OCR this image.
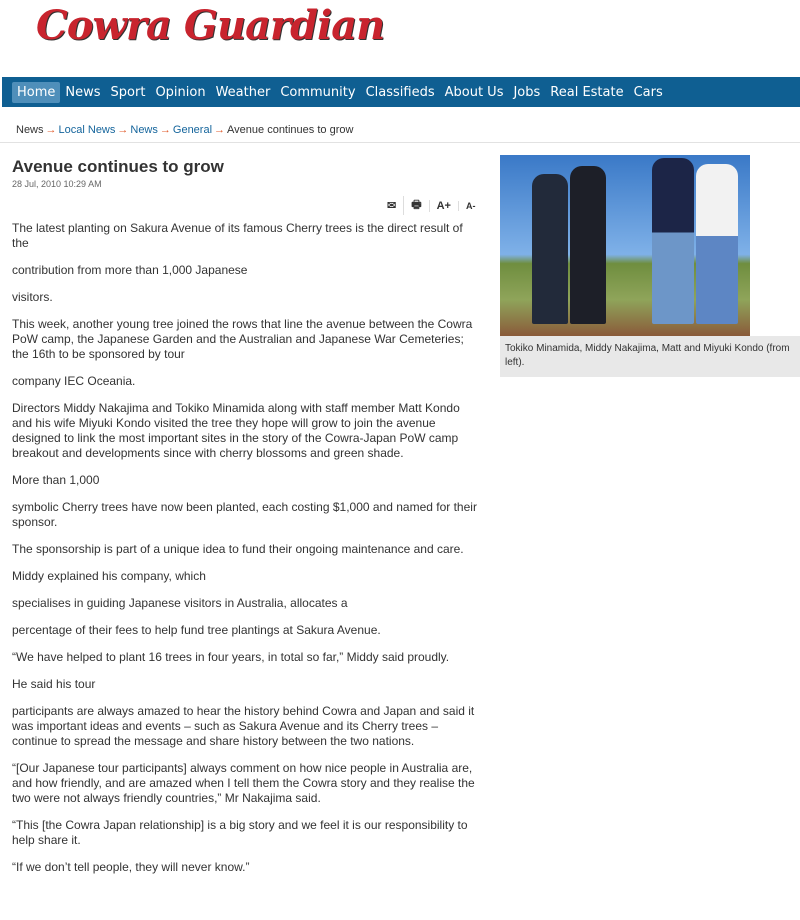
Cowra Guardian
Home News Sport Opinion Weather Community Classifieds About Us Jobs Real Estate Cars
News → Local News → News → General → Avenue continues to grow
Avenue continues to grow
28 Jul, 2010 10:29 AM
✉	🖶	A+	A-

The latest planting on Sakura Avenue of its famous Cherry trees is the direct result of the

contribution from more than 1,000 Japanese

visitors.

This week, another young tree joined the rows that line the avenue between the Cowra PoW camp, the Japanese Garden and the Australian and Japanese War Cemeteries; the 16th to be sponsored by tour

company IEC Oceania.

Directors Middy Nakajima and Tokiko Minamida along with staff member Matt Kondo and his wife Miyuki Kondo visited the tree they hope will grow to join the avenue designed to link the most important sites in the story of the Cowra-Japan PoW camp breakout and developments since with cherry blossoms and green shade.

More than 1,000

symbolic Cherry trees have now been planted, each costing $1,000 and named for their sponsor.

The sponsorship is part of a unique idea to fund their ongoing maintenance and care.

Middy explained his company, which

specialises in guiding Japanese visitors in Australia, allocates a

percentage of their fees to help fund tree plantings at Sakura Avenue.

“We have helped to plant 16 trees in four years, in total so far,” Middy said proudly.

He said his tour

participants are always amazed to hear the history behind Cowra and Japan and said it was important ideas and events – such as Sakura Avenue and its Cherry trees – continue to spread the message and share history between the two nations.

“[Our Japanese tour participants] always comment on how nice people in Australia are, and how friendly, and are amazed when I tell them the Cowra story and they realise the two were not always friendly countries,” Mr Nakajima said.

“This [the Cowra Japan relationship] is a big story and we feel it is our responsibility to help share it.

“If we don’t tell people, they will never know.”

Tokiko Minamida, Middy Nakajima, Matt and Miyuki Kondo (from left).
